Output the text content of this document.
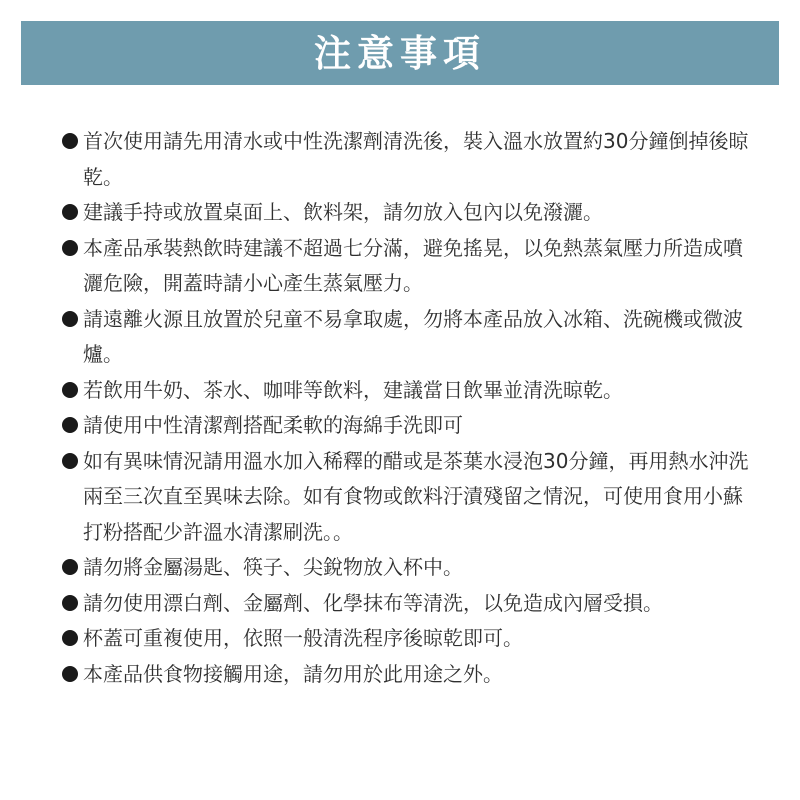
注意事項
首次使用請先用清水或中性洗潔劑清洗後，裝入溫水放置約30分鐘倒掉後晾乾。
建議手持或放置桌面上、飲料架，請勿放入包內以免潑灑。
本產品承裝熱飲時建議不超過七分滿，避免搖晃，以免熱蒸氣壓力所造成噴灑危險，開蓋時請小心產生蒸氣壓力。
請遠離火源且放置於兒童不易拿取處，勿將本產品放入冰箱、洗碗機或微波爐。
若飲用牛奶、茶水、咖啡等飲料，建議當日飲畢並清洗晾乾。
請使用中性清潔劑搭配柔軟的海綿手洗即可
如有異味情況請用溫水加入稀釋的醋或是茶葉水浸泡30分鐘，再用熱水沖洗兩至三次直至異味去除。如有食物或飲料汙漬殘留之情況，可使用食用小蘇打粉搭配少許溫水清潔刷洗。。
請勿將金屬湯匙、筷子、尖銳物放入杯中。
請勿使用漂白劑、金屬劑、化學抹布等清洗，以免造成內層受損。
杯蓋可重複使用，依照一般清洗程序後晾乾即可。
本產品供食物接觸用途，請勿用於此用途之外。
